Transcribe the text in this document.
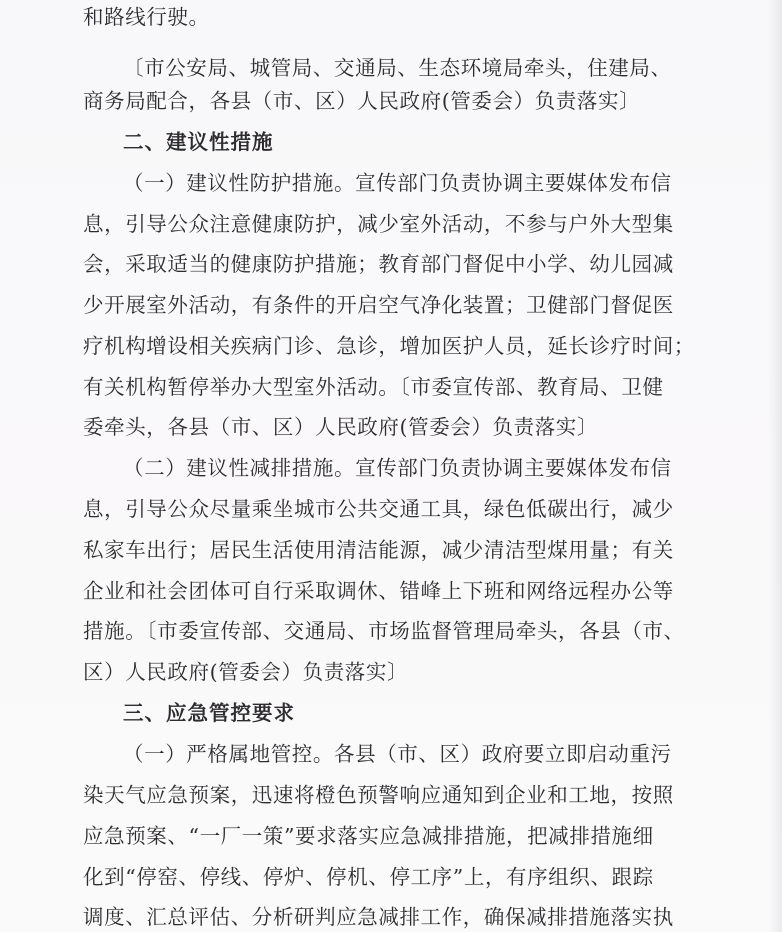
和路线行驶。
〔市公安局、城管局、交通局、生态环境局牵头，住建局、
商务局配合，各县（市、区）人民政府(管委会）负责落实〕
二、建议性措施
（一）建议性防护措施。宣传部门负责协调主要媒体发布信
息，引导公众注意健康防护，减少室外活动，不参与户外大型集
会，采取适当的健康防护措施；教育部门督促中小学、幼儿园减
少开展室外活动，有条件的开启空气净化装置；卫健部门督促医
疗机构增设相关疾病门诊、急诊，增加医护人员，延长诊疗时间；
有关机构暂停举办大型室外活动。〔市委宣传部、教育局、卫健
委牵头，各县（市、区）人民政府(管委会）负责落实〕
（二）建议性减排措施。宣传部门负责协调主要媒体发布信
息，引导公众尽量乘坐城市公共交通工具，绿色低碳出行，减少
私家车出行；居民生活使用清洁能源，减少清洁型煤用量；有关
企业和社会团体可自行采取调休、错峰上下班和网络远程办公等
措施。〔市委宣传部、交通局、市场监督管理局牵头，各县（市、
区）人民政府(管委会）负责落实〕
三、应急管控要求
（一）严格属地管控。各县（市、区）政府要立即启动重污
染天气应急预案，迅速将橙色预警响应通知到企业和工地，按照
应急预案、“一厂一策”要求落实应急减排措施，把减排措施细
化到“停窑、停线、停炉、停机、停工序”上，有序组织、跟踪
调度、汇总评估、分析研判应急减排工作，确保减排措施落实执
